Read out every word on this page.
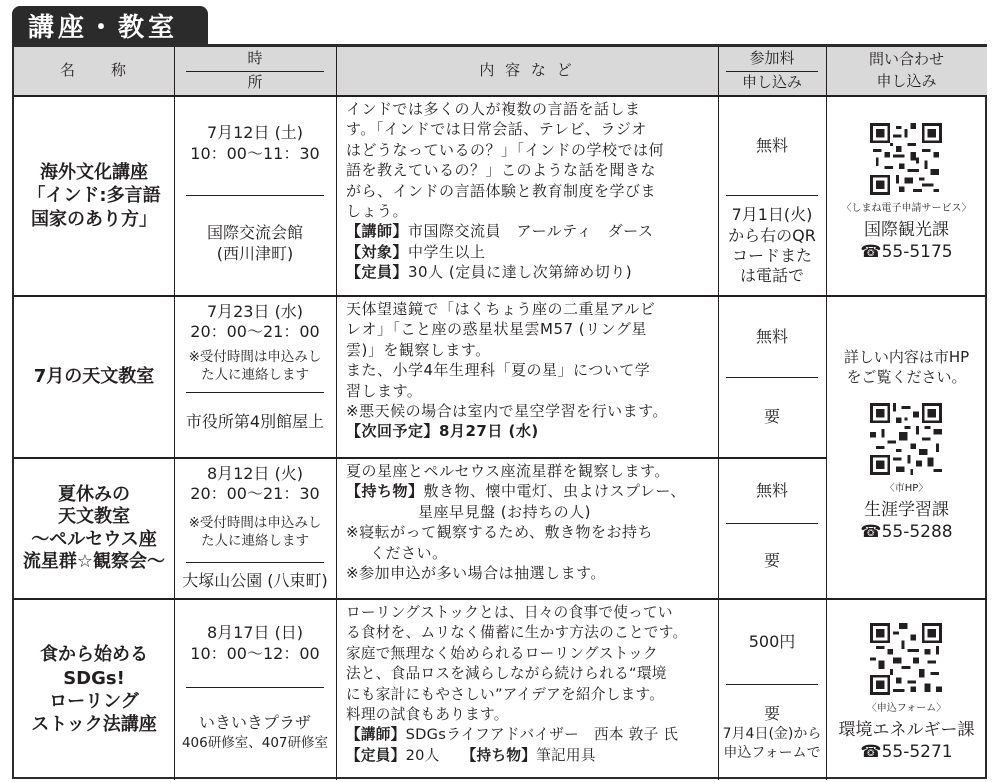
講座・教室
名　　称
時
所
内 容 な ど
参加料
申し込み
問い合わせ
申し込み
海外文化講座
「インド:多言語
国家のあり方」
7月12日 (土)
10：00～11：30
国際交流会館
(西川津町)
インドでは多くの人が複数の言語を話しま
す。「インドでは日常会話、テレビ、ラジオ
はどうなっているの？」「インドの学校では何
語を教えているの？」このような話を聞きな
がら、インドの言語体験と教育制度を学びま
しょう。
【講師】市国際交流員　アールティ　ダース
【対象】中学生以上
【定員】30人 (定員に達し次第締め切り)
無料
7月1日(火)
から右のQR
コードまた
は電話で
7月の天文教室
7月23日 (水)
20：00～21：00
※受付時間は申込みし
た人に連絡します
市役所第4別館屋上
天体望遠鏡で「はくちょう座の二重星アルビ
レオ」「こと座の惑星状星雲M57 (リング星
雲)」を観察します。
また、小学4年生理科「夏の星」について学
習します。
※悪天候の場合は室内で星空学習を行います。
【次回予定】8月27日 (水)
無料
要
夏休みの
天文教室
～ペルセウス座
流星群☆観察会～
8月12日 (火)
20：00～21：30
※受付時間は申込みし
た人に連絡します
大塚山公園 (八束町)
夏の星座とペルセウス座流星群を観察します。
【持ち物】敷き物、懐中電灯、虫よけスプレー、
星座早見盤 (お持ちの人)
※寝転がって観察するため、敷き物をお持ち
ください。
※参加申込が多い場合は抽選します。
無料
要
食から始める
SDGs!
ローリング
ストック法講座
8月17日 (日)
10：00～12：00
いきいきプラザ
406研修室、407研修室
ローリングストックとは、日々の食事で使ってい
る食材を、ムリなく備蓄に生かす方法のことです。
家庭で無理なく始められるローリングストック
法と、食品ロスを減らしながら続けられる“環境
にも家計にもやさしい”アイデアを紹介します。
料理の試食もあります。
【講師】SDGsライフアドバイザー　西本 敦子 氏
【定員】20人 【持ち物】筆記用具
500円
要
7月4日(金)から
申込フォームで
〈しまね電子申請サービス〉
国際観光課
☎55-5175
詳しい内容は市HP
をご覧ください。
〈市HP〉
生涯学習課
☎55-5288
〈申込フォーム〉
環境エネルギー課
☎55-5271
